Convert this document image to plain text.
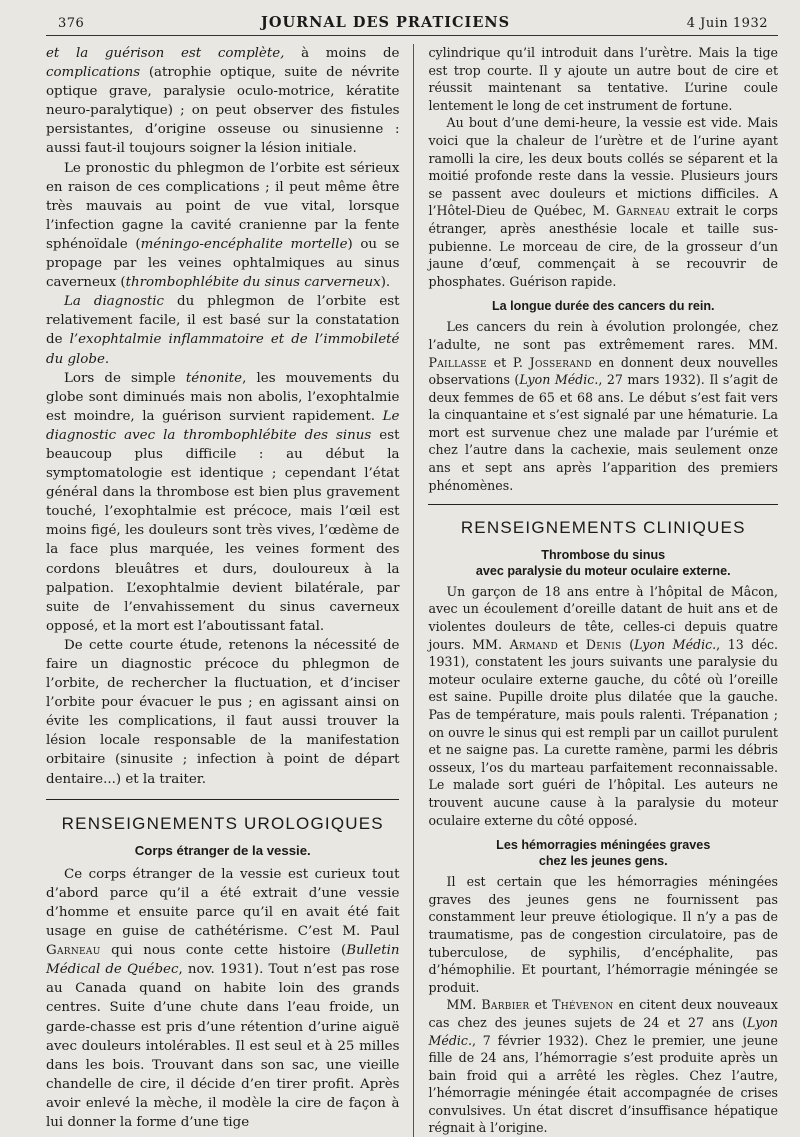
376	JOURNAL DES PRATICIENS	4 Juin 1932

et la guérison est complète, à moins de complications (atrophie optique, suite de névrite optique grave, paralysie oculo-motrice, kératite neuro-paralytique) ; on peut observer des fistules persistantes, d’origine osseuse ou sinusienne : aussi faut-il toujours soigner la lésion initiale.

Le pronostic du phlegmon de l’orbite est sérieux en raison de ces complications ; il peut même être très mauvais au point de vue vital, lorsque l’infection gagne la cavité cranienne par la fente sphénoïdale (méningo-encéphalite mortelle) ou se propage par les veines ophtalmiques au sinus caverneux (thrombophlébite du sinus carverneux).

La diagnostic du phlegmon de l’orbite est relativement facile, il est basé sur la constatation de l’exophtalmie inflammatoire et de l’immobileté du globe.

Lors de simple ténonite, les mouvements du globe sont diminués mais non abolis, l’exophtalmie est moindre, la guérison survient rapidement. Le diagnostic avec la thrombophlébite des sinus est beaucoup plus difficile : au début la symptomatologie est identique ; cependant l’état général dans la thrombose est bien plus gravement touché, l’exophtalmie est précoce, mais l’œil est moins figé, les douleurs sont très vives, l’œdème de la face plus marquée, les veines forment des cordons bleuâtres et durs, douloureux à la palpation. L’exophtalmie devient bilatérale, par suite de l’envahissement du sinus caverneux opposé, et la mort est l’aboutissant fatal.

De cette courte étude, retenons la nécessité de faire un diagnostic précoce du phlegmon de l’orbite, de rechercher la fluctuation, et d’inciser l’orbite pour évacuer le pus ; en agissant ainsi on évite les complications, il faut aussi trouver la lésion locale responsable de la manifestation orbitaire (sinusite ; infection à point de départ dentaire...) et la traiter.

RENSEIGNEMENTS UROLOGIQUES
Corps étranger de la vessie.

Ce corps étranger de la vessie est curieux tout d’abord parce qu’il a été extrait d’une vessie d’homme et ensuite parce qu’il en avait été fait usage en guise de cathétérisme. C’est M. Paul Garneau qui nous conte cette histoire (Bulletin Médical de Québec, nov. 1931). Tout n’est pas rose au Canada quand on habite loin des grands centres. Suite d’une chute dans l’eau froide, un garde-chasse est pris d’une rétention d’urine aiguë avec douleurs intolérables. Il est seul et à 25 milles dans les bois. Trouvant dans son sac, une vieille chandelle de cire, il décide d’en tirer profit. Après avoir enlevé la mèche, il modèle la cire de façon à lui donner la forme d’une tige

cylindrique qu’il introduit dans l’urètre. Mais la tige est trop courte. Il y ajoute un autre bout de cire et réussit maintenant sa tentative. L’urine coule lentement le long de cet instrument de fortune.

Au bout d’une demi-heure, la vessie est vide. Mais voici que la chaleur de l’urètre et de l’urine ayant ramolli la cire, les deux bouts collés se séparent et la moitié profonde reste dans la vessie. Plusieurs jours se passent avec douleurs et mictions difficiles. A l’Hôtel-Dieu de Québec, M. Garneau extrait le corps étranger, après anesthésie locale et taille sus-pubienne. Le morceau de cire, de la grosseur d’un jaune d’œuf, commençait à se recouvrir de phosphates. Guérison rapide.

La longue durée des cancers du rein.

Les cancers du rein à évolution prolongée, chez l’adulte, ne sont pas extrêmement rares. MM. Paillasse et P. Josserand en donnent deux nouvelles observations (Lyon Médic., 27 mars 1932). Il s’agit de deux femmes de 65 et 68 ans. Le début s’est fait vers la cinquantaine et s’est signalé par une hématurie. La mort est survenue chez une malade par l’urémie et chez l’autre dans la cachexie, mais seulement onze ans et sept ans après l’apparition des premiers phénomènes.

RENSEIGNEMENTS CLINIQUES
Thrombose du sinus
avec paralysie du moteur oculaire externe.

Un garçon de 18 ans entre à l’hôpital de Mâcon, avec un écoulement d’oreille datant de huit ans et de violentes douleurs de tête, celles-ci depuis quatre jours. MM. Armand et Denis (Lyon Médic., 13 déc. 1931), constatent les jours suivants une paralysie du moteur oculaire externe gauche, du côté où l’oreille est saine. Pupille droite plus dilatée que la gauche. Pas de température, mais pouls ralenti. Trépanation ; on ouvre le sinus qui est rempli par un caillot purulent et ne saigne pas. La curette ramène, parmi les débris osseux, l’os du marteau parfaitement reconnaissable. Le malade sort guéri de l’hôpital. Les auteurs ne trouvent aucune cause à la paralysie du moteur oculaire externe du côté opposé.

Les hémorragies méningées graves
chez les jeunes gens.

Il est certain que les hémorragies méningées graves des jeunes gens ne fournissent pas constamment leur preuve étiologique. Il n’y a pas de traumatisme, pas de congestion circulatoire, pas de tuberculose, de syphilis, d’encéphalite, pas d’hémophilie. Et pourtant, l’hémorragie méningée se produit.

MM. Barbier et Thévenon en citent deux nouveaux cas chez des jeunes sujets de 24 et 27 ans (Lyon Médic., 7 février 1932). Chez le premier, une jeune fille de 24 ans, l’hémorragie s’est produite après un bain froid qui a arrêté les règles. Chez l’autre, l’hémorragie méningée était accompagnée de crises convulsives. Un état discret d’insuffisance hépatique régnait à l’origine.
